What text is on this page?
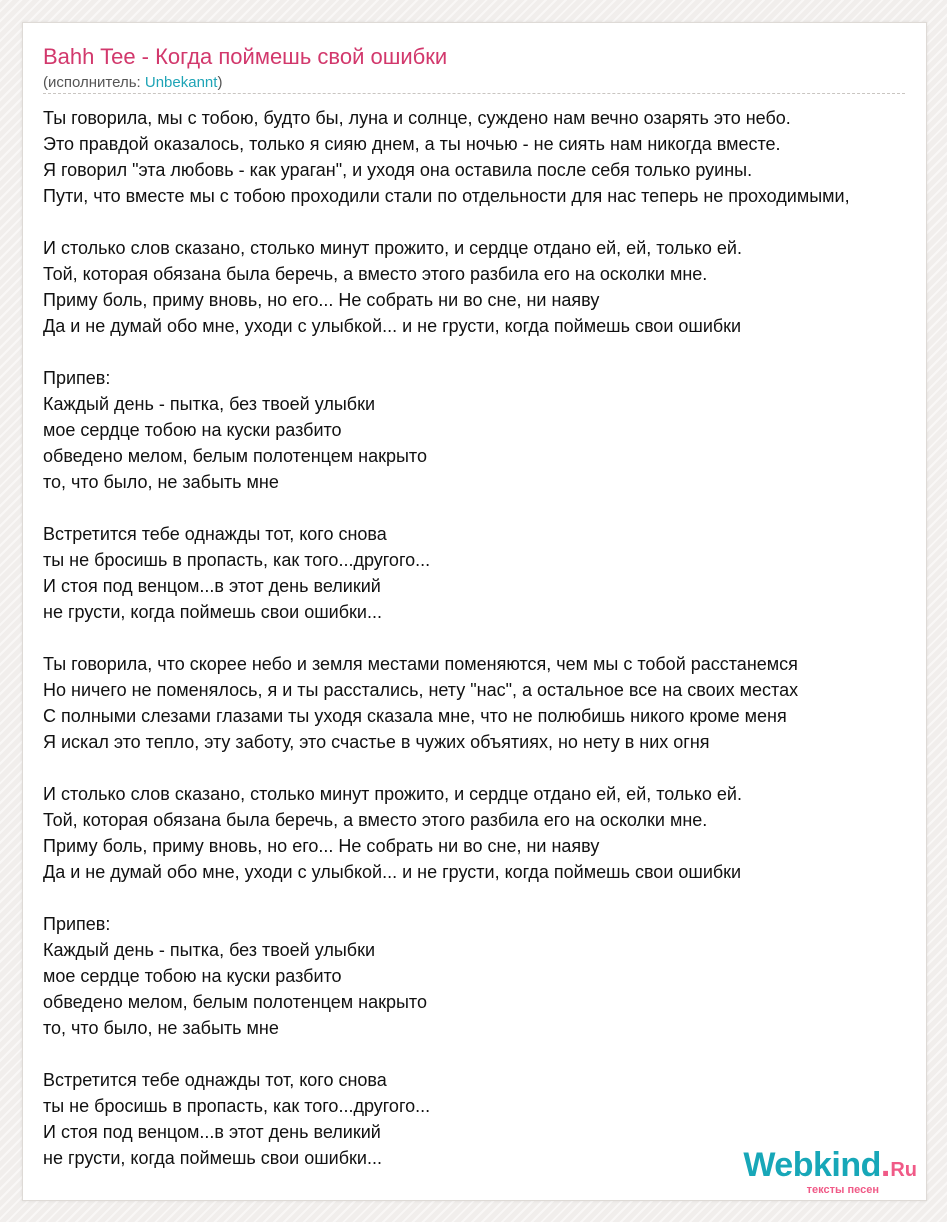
Bahh Tee - Когда поймешь свой ошибки
(исполнитель: Unbekannt)
Ты говорила, мы с тобою, будто бы, луна и солнце, суждено нам вечно озарять это небо.
Это правдой оказалось, только я сияю днем, а ты ночью - не сиять нам никогда вместе.
Я говорил "эта любовь - как ураган", и уходя она оставила после себя только руины.
Пути, что вместе мы с тобою проходили стали по отдельности для нас теперь не проходимыми,
И столько слов сказано, столько минут прожито, и сердце отдано ей, ей, только ей.
Той, которая обязана была беречь, а вместо этого разбила его на осколки мне.
Приму боль, приму вновь, но его... Не собрать ни во сне, ни наяву
Да и не думай обо мне, уходи с улыбкой... и не грусти, когда поймешь свои ошибки
Припев:
Каждый день - пытка, без твоей улыбки
мое сердце тобою на куски разбито
обведено мелом, белым полотенцем накрыто
то, что было, не забыть мне
Встретится тебе однажды тот, кого снова
ты не бросишь в пропасть, как того...другого...
И стоя под венцом...в этот день великий
не грусти, когда поймешь свои ошибки...
Ты говорила, что скорее небо и земля местами поменяются, чем мы с тобой расстанемся
Но ничего не поменялось, я и ты расстались, нету "нас", а остальное все на своих местах
С полными слезами глазами ты уходя сказала мне, что не полюбишь никого кроме меня
Я искал это тепло, эту заботу, это счастье в чужих объятиях, но нету в них огня
И столько слов сказано, столько минут прожито, и сердце отдано ей, ей, только ей.
Той, которая обязана была беречь, а вместо этого разбила его на осколки мне.
Приму боль, приму вновь, но его... Не собрать ни во сне, ни наяву
Да и не думай обо мне, уходи с улыбкой... и не грусти, когда поймешь свои ошибки
Припев:
Каждый день - пытка, без твоей улыбки
мое сердце тобою на куски разбито
обведено мелом, белым полотенцем накрыто
то, что было, не забыть мне
Встретится тебе однажды тот, кого снова
ты не бросишь в пропасть, как того...другого...
И стоя под венцом...в этот день великий
не грусти, когда поймешь свои ошибки...	Webkind.Ru
тексты песен
